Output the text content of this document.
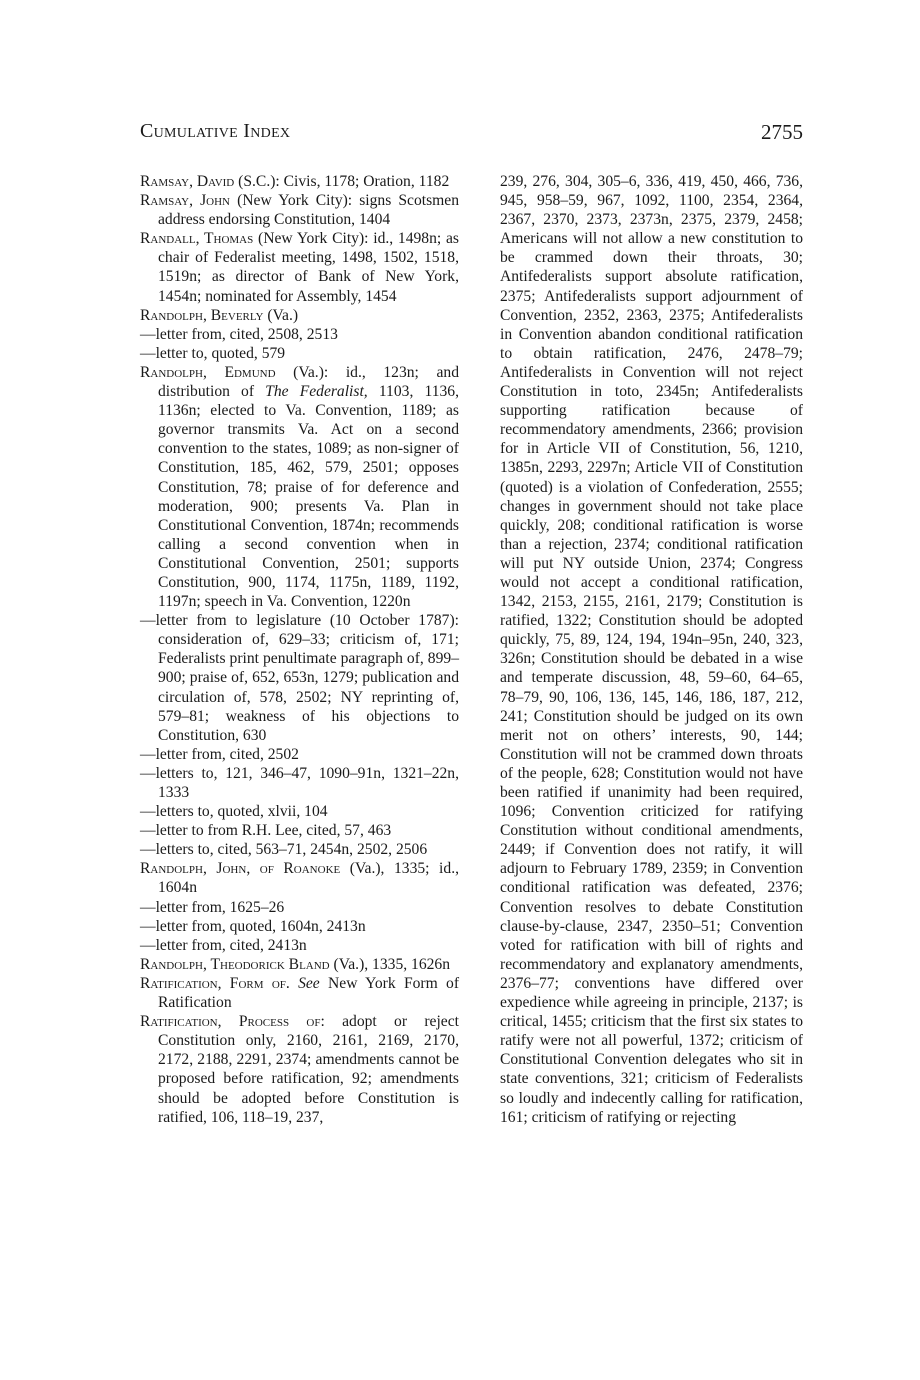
Cumulative Index	2755

Ramsay, David (S.C.): Civis, 1178; Oration, 1182

Ramsay, John (New York City): signs Scotsmen address endorsing Constitution, 1404

Randall, Thomas (New York City): id., 1498n; as chair of Federalist meeting, 1498, 1502, 1518, 1519n; as director of Bank of New York, 1454n; nominated for Assembly, 1454

Randolph, Beverly (Va.)

—letter from, cited, 2508, 2513

—letter to, quoted, 579

Randolph, Edmund (Va.): id., 123n; and distribution of The Federalist, 1103, 1136, 1136n; elected to Va. Convention, 1189; as governor transmits Va. Act on a second convention to the states, 1089; as non-signer of Constitution, 185, 462, 579, 2501; opposes Constitution, 78; praise of for deference and moderation, 900; presents Va. Plan in Constitutional Convention, 1874n; recommends calling a second convention when in Constitutional Convention, 2501; supports Constitution, 900, 1174, 1175n, 1189, 1192, 1197n; speech in Va. Convention, 1220n

—letter from to legislature (10 October 1787): consideration of, 629–33; criticism of, 171; Federalists print penultimate paragraph of, 899–900; praise of, 652, 653n, 1279; publication and circulation of, 578, 2502; NY reprinting of, 579–81; weakness of his objections to Constitution, 630

—letter from, cited, 2502

—letters to, 121, 346–47, 1090–91n, 1321–22n, 1333

—letters to, quoted, xlvii, 104

—letter to from R.H. Lee, cited, 57, 463

—letters to, cited, 563–71, 2454n, 2502, 2506

Randolph, John, of Roanoke (Va.), 1335; id., 1604n

—letter from, 1625–26

—letter from, quoted, 1604n, 2413n

—letter from, cited, 2413n

Randolph, Theodorick Bland (Va.), 1335, 1626n

Ratification, Form of. See New York Form of Ratification

Ratification, Process of: adopt or reject Constitution only, 2160, 2161, 2169, 2170, 2172, 2188, 2291, 2374; amendments cannot be proposed before ratification, 92; amendments should be adopted before Constitution is ratified, 106, 118–19, 237,

239, 276, 304, 305–6, 336, 419, 450, 466, 736, 945, 958–59, 967, 1092, 1100, 2354, 2364, 2367, 2370, 2373, 2373n, 2375, 2379, 2458; Americans will not allow a new constitution to be crammed down their throats, 30; Antifederalists support absolute ratification, 2375; Antifederalists support adjournment of Convention, 2352, 2363, 2375; Antifederalists in Convention abandon conditional ratification to obtain ratification, 2476, 2478–79; Antifederalists in Convention will not reject Constitution in toto, 2345n; Antifederalists supporting ratification because of recommendatory amendments, 2366; provision for in Article VII of Constitution, 56, 1210, 1385n, 2293, 2297n; Article VII of Constitution (quoted) is a violation of Confederation, 2555; changes in government should not take place quickly, 208; conditional ratification is worse than a rejection, 2374; conditional ratification will put NY outside Union, 2374; Congress would not accept a conditional ratification, 1342, 2153, 2155, 2161, 2179; Constitution is ratified, 1322; Constitution should be adopted quickly, 75, 89, 124, 194, 194n–95n, 240, 323, 326n; Constitution should be debated in a wise and temperate discussion, 48, 59–60, 64–65, 78–79, 90, 106, 136, 145, 146, 186, 187, 212, 241; Constitution should be judged on its own merit not on others’ interests, 90, 144; Constitution will not be crammed down throats of the people, 628; Constitution would not have been ratified if unanimity had been required, 1096; Convention criticized for ratifying Constitution without conditional amendments, 2449; if Convention does not ratify, it will adjourn to February 1789, 2359; in Convention conditional ratification was defeated, 2376; Convention resolves to debate Constitution clause-by-clause, 2347, 2350–51; Convention voted for ratification with bill of rights and recommendatory and explanatory amendments, 2376–77; conventions have differed over expedience while agreeing in principle, 2137; is critical, 1455; criticism that the first six states to ratify were not all powerful, 1372; criticism of Constitutional Convention delegates who sit in state conventions, 321; criticism of Federalists so loudly and indecently calling for ratification, 161; criticism of ratifying or rejecting
